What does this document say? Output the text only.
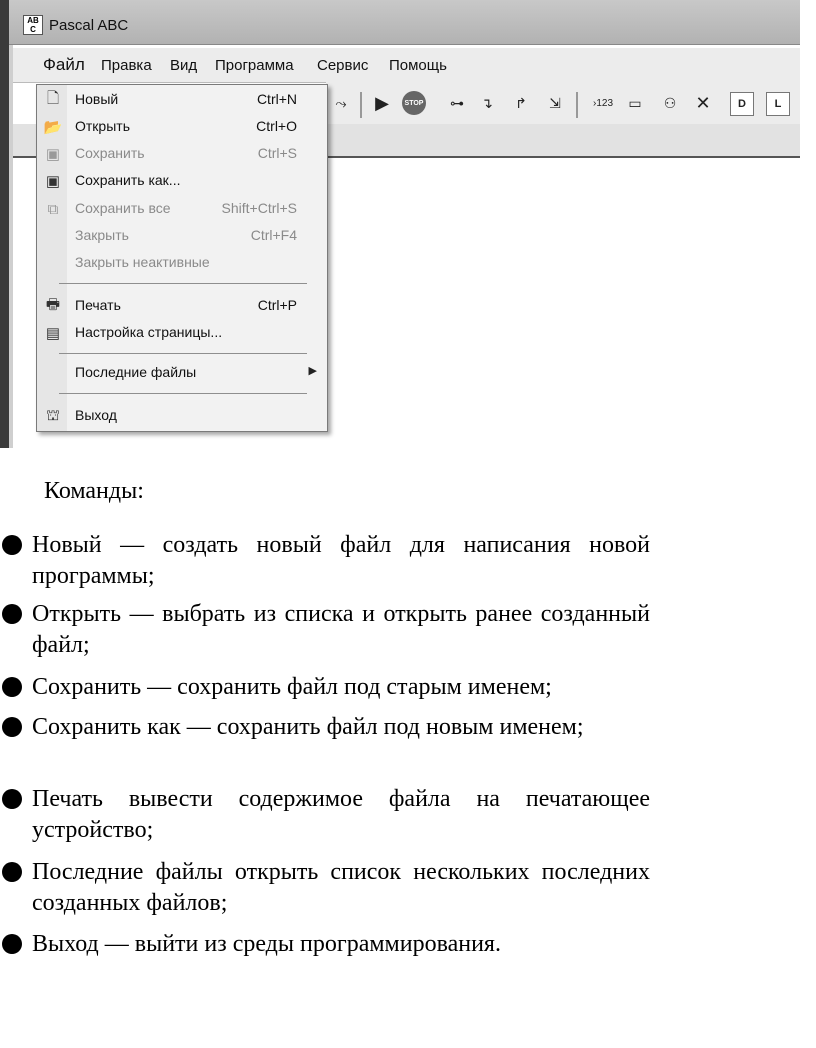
AB
C Pascal ABC
Файл Правка Вид Программа Сервис Помощь
⤳	▶	STOP ⊶	↴	↱	⇲	›123	▭	⚇	✕	D	L
🗋 Новый	Ctrl+N
📂 Открыть	Ctrl+O
▣ Сохранить	Ctrl+S
▣ Сохранить как...
⧉	Сохранить все	Shift+Ctrl+S
Закрыть	Ctrl+F4
Закрыть неактивные
🖶 Печать	Ctrl+P
▤ Настройка страницы...
Последние файлы	▶
⛫ Выход
Команды:
Новый — создать новый файл для написания новой программы;
Открыть — выбрать из списка и открыть ранее созданный файл;
Сохранить — сохранить файл под старым именем;
Сохранить как — сохранить файл под новым именем;
Печать вывести содержимое файла на печатающее устройство;
Последние файлы открыть список нескольких последних созданных файлов;
Выход — выйти из среды программирования.
